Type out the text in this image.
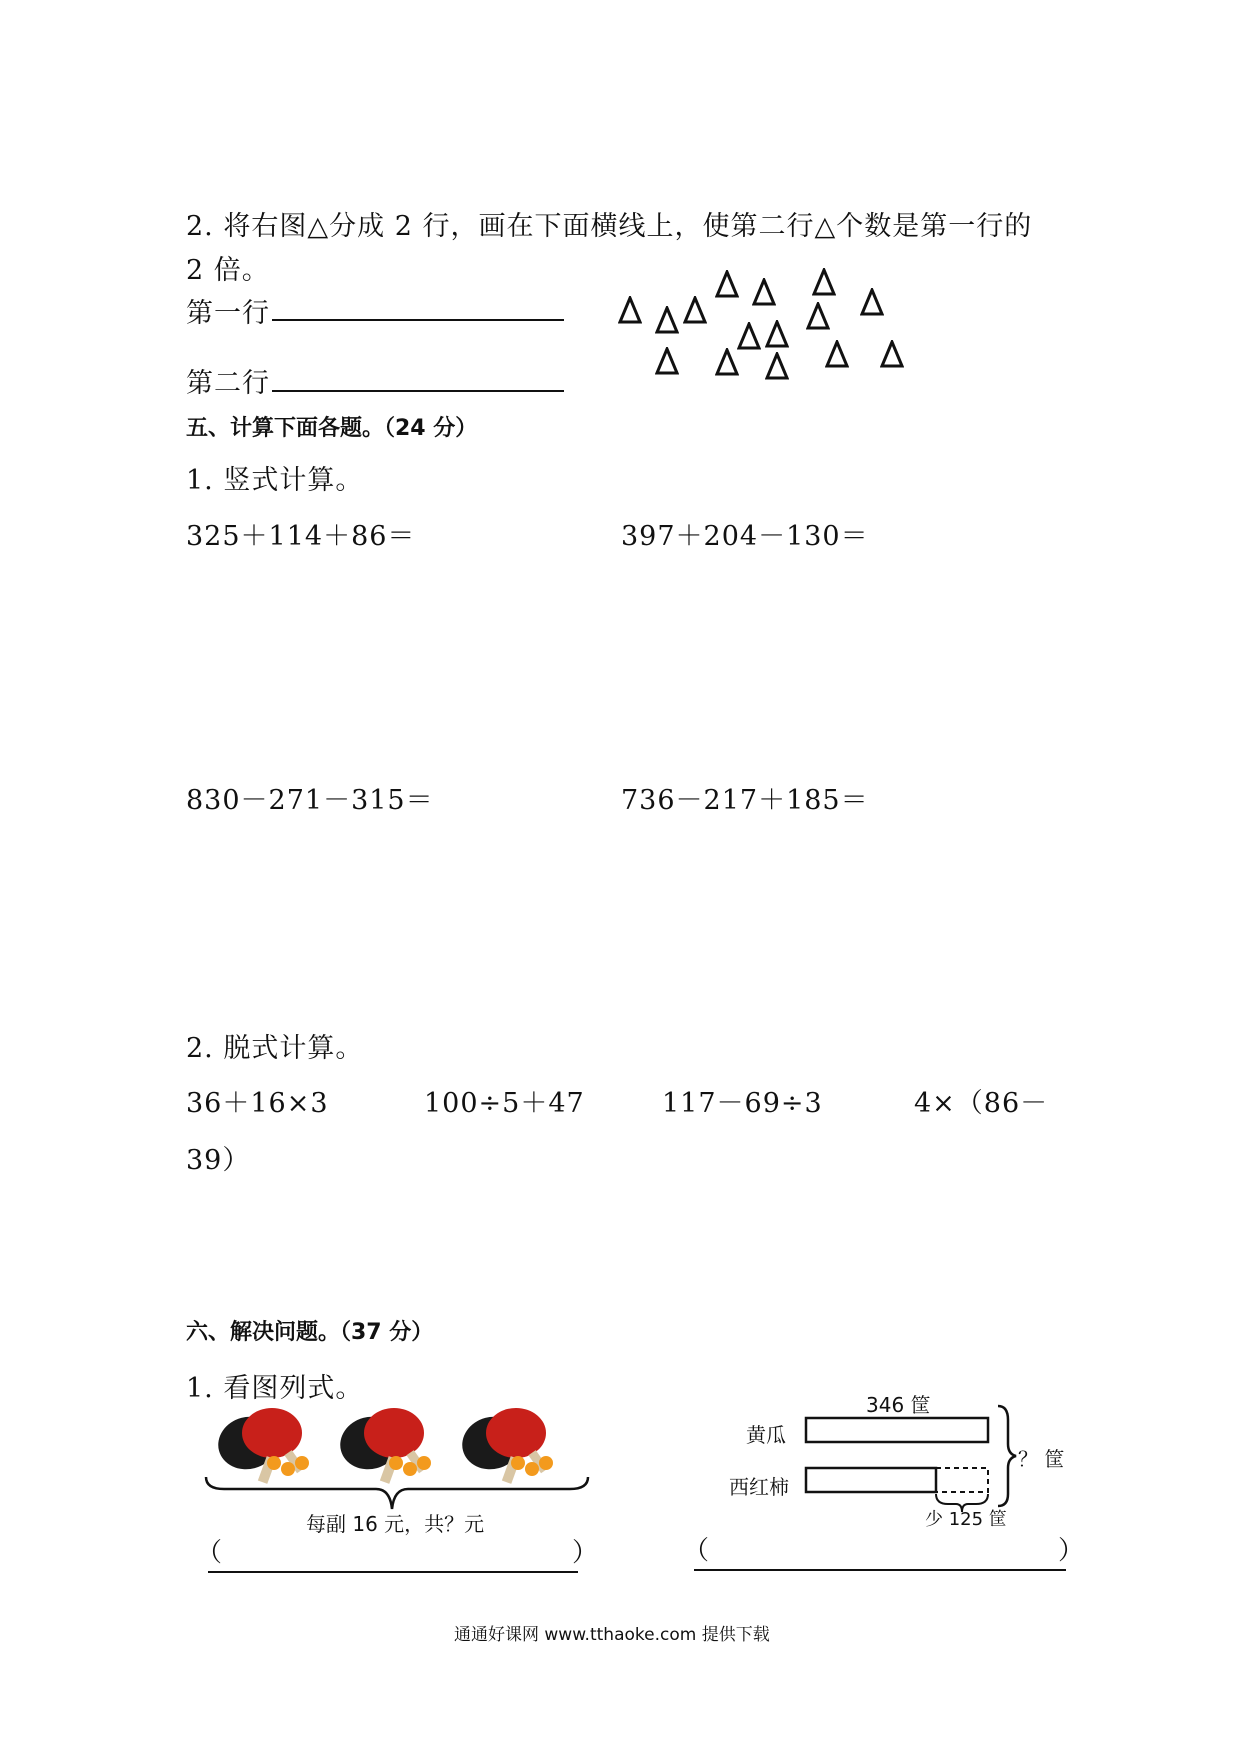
2. 将右图△分成 2 行，画在下面横线上，使第二行△个数是第一行的
2 倍。
第一行
第二行
五、计算下面各题。（24 分）
1. 竖式计算。
325＋114＋86＝	397＋204－130＝
830－271－315＝	736－217＋185＝
2. 脱式计算。
36＋16×3	100÷5＋47	117－69÷3	4×（86－
39）
六、解决问题。（37 分）
1. 看图列式。
每副 16 元，共？元
（	）
346 筐
黄瓜
西红柿
？ 筐
少 125 筐
（	）
通通好课网 www.tthaoke.com 提供下载
